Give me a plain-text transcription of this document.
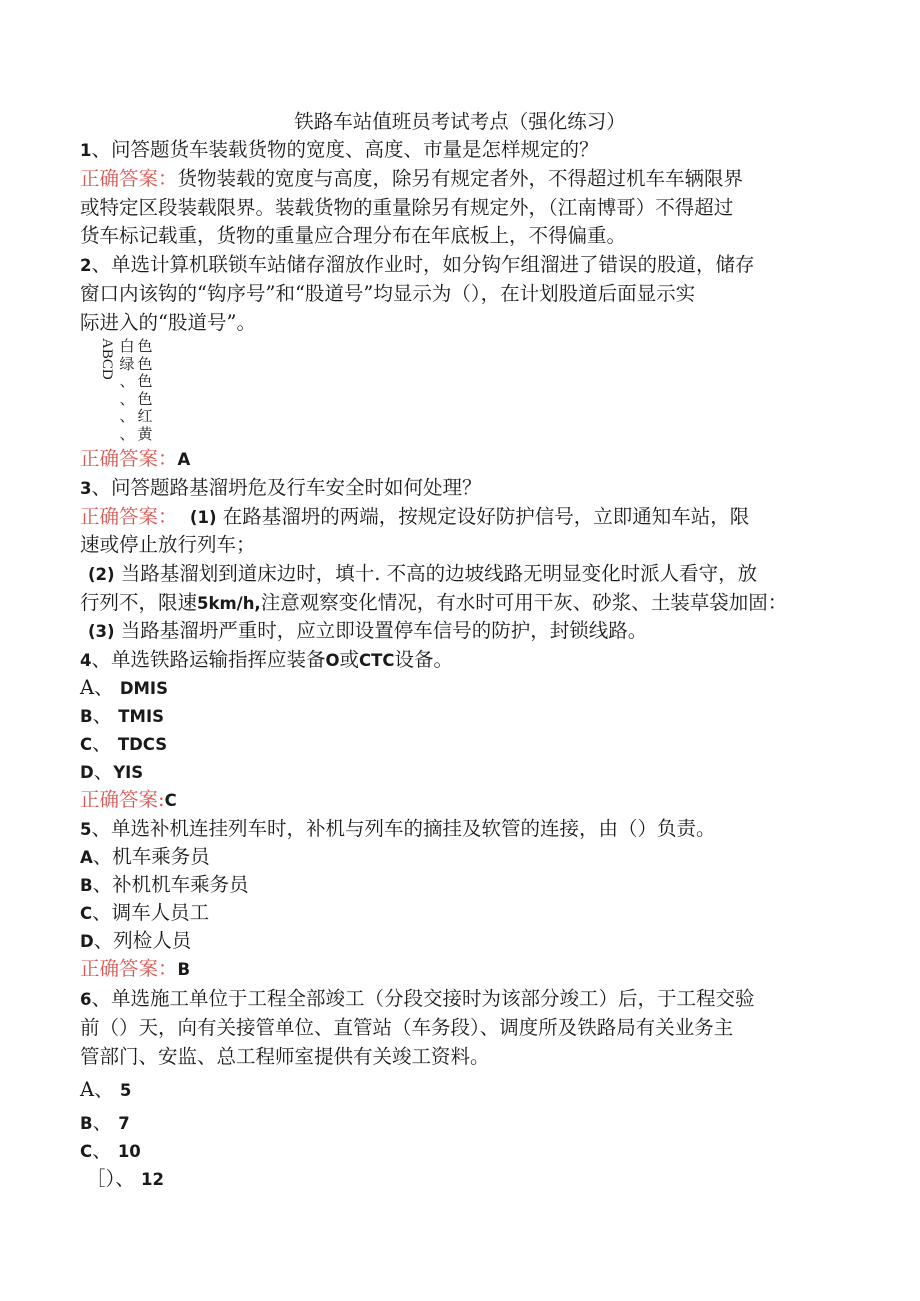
铁路车站值班员考试考点（强化练习）
1、问答题货车装载货物的宽度、高度、市量是怎样规定的？
正确答案：货物装载的宽度与高度，除另有规定者外，不得超过机车车辆限界
或特定区段装载限界。装载货物的重量除另有规定外，（江南博哥）不得超过
货车标记载重，货物的重量应合理分布在年底板上，不得偏重。
2、单选计算机联锁车站储存溜放作业时，如分钩乍组溜进了错误的股道，储存
窗口内该钩的“钩序号”和“股道号”均显示为（），在计划股道后面显示实
际进入的“股道号”。
ABCD 白
绿
、
、
、
、
色
色
色
色
红
黄
正确答案：A
3、问答题路基溜坍危及行车安全时如何处理？
正确答案： (1) 在路基溜坍的两端，按规定设好防护信号，立即通知车站，限
速或停止放行列车；
(2) 当路基溜划到道床边时，填十. 不高的边坡线路无明显变化时派人看守，放
行列不，限速5km/h,注意观察变化情况，有水时可用干灰、砂浆、土装草袋加固：
(3) 当路基溜坍严重时，应立即设置停车信号的防护，封锁线路。
4、单选铁路运输指挥应装备O或CTC设备。
A、 DMIS
B、 TMIS
C、 TDCS
D、YIS
正确答案:C
5、单选补机连挂列车时，补机与列车的摘挂及软管的连接，由（）负责。
A、机车乘务员
B、补机机车乘务员
C、调车人员工
D、列检人员
正确答案：B
6、单选施工单位于工程全部竣工（分段交接时为该部分竣工）后，于工程交验
前（）天，向有关接管单位、直管站（车务段）、调度所及铁路局有关业务主
管部门、安监、总工程师室提供有关竣工资料。
A、 5
B、 7
C、 10
［）、 12
